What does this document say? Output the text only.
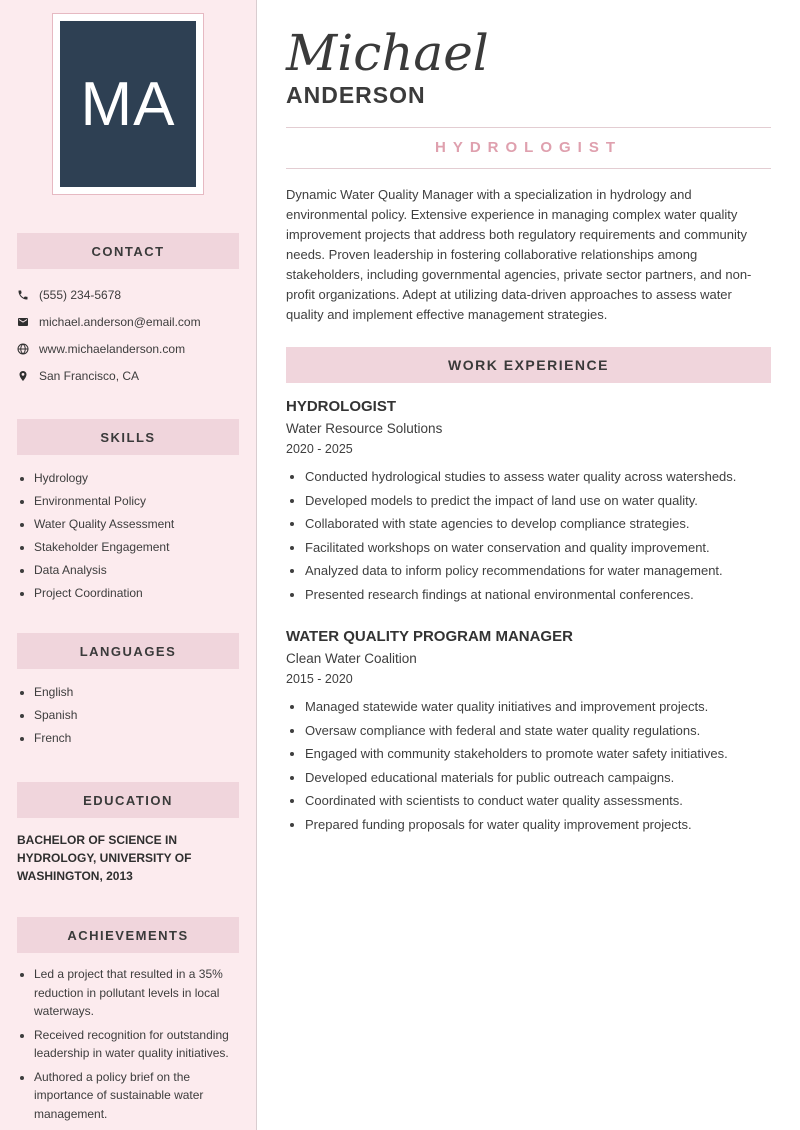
MA
CONTACT
(555) 234-5678
michael.anderson@email.com
www.michaelanderson.com
San Francisco, CA
SKILLS
• Hydrology
• Environmental Policy
• Water Quality Assessment
• Stakeholder Engagement
• Data Analysis
• Project Coordination
LANGUAGES
• English
• Spanish
• French
EDUCATION
BACHELOR OF SCIENCE IN HYDROLOGY, UNIVERSITY OF WASHINGTON, 2013
ACHIEVEMENTS
• Led a project that resulted in a 35% reduction in pollutant levels in local waterways.
• Received recognition for outstanding leadership in water quality initiatives.
• Authored a policy brief on the importance of sustainable water management.
Michael
ANDERSON
HYDROLOGIST

Dynamic Water Quality Manager with a specialization in hydrology and environmental policy. Extensive experience in managing complex water quality improvement projects that address both regulatory requirements and community needs. Proven leadership in fostering collaborative relationships among stakeholders, including governmental agencies, private sector partners, and non-profit organizations. Adept at utilizing data-driven approaches to assess water quality and implement effective management strategies.

WORK EXPERIENCE
HYDROLOGIST
Water Resource Solutions
2020 - 2025
• Conducted hydrological studies to assess water quality across watersheds.
• Developed models to predict the impact of land use on water quality.
• Collaborated with state agencies to develop compliance strategies.
• Facilitated workshops on water conservation and quality improvement.
• Analyzed data to inform policy recommendations for water management.
• Presented research findings at national environmental conferences.
WATER QUALITY PROGRAM MANAGER
Clean Water Coalition
2015 - 2020
• Managed statewide water quality initiatives and improvement projects.
• Oversaw compliance with federal and state water quality regulations.
• Engaged with community stakeholders to promote water safety initiatives.
• Developed educational materials for public outreach campaigns.
• Coordinated with scientists to conduct water quality assessments.
• Prepared funding proposals for water quality improvement projects.
